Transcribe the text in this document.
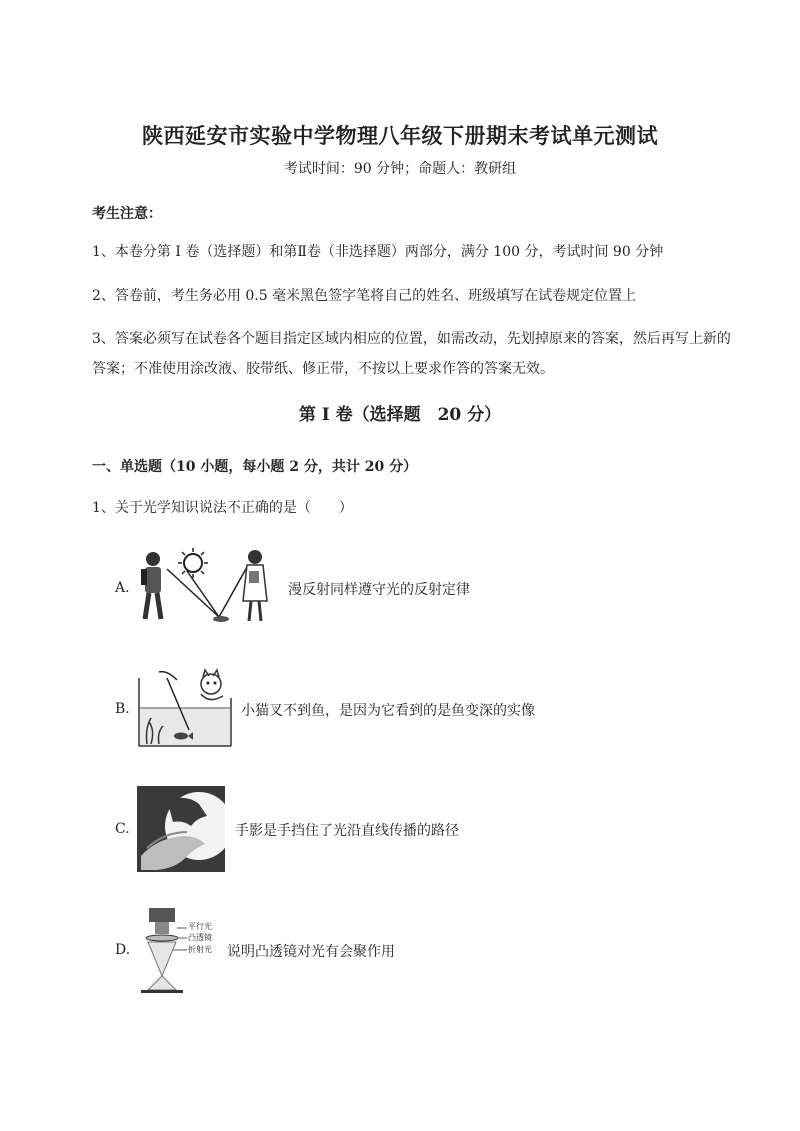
陕西延安市实验中学物理八年级下册期末考试单元测试
考试时间：90 分钟；命题人：教研组
考生注意：
1、本卷分第 I 卷（选择题）和第Ⅱ卷（非选择题）两部分，满分 100 分，考试时间 90 分钟
2、答卷前，考生务必用 0.5 毫米黑色签字笔将自己的姓名、班级填写在试卷规定位置上
3、答案必须写在试卷各个题目指定区域内相应的位置，如需改动，先划掉原来的答案，然后再写上新的答案；不准使用涂改液、胶带纸、修正带，不按以上要求作答的答案无效。
第 I 卷（选择题　20 分）
一、单选题（10 小题，每小题 2 分，共计 20 分）
1、关于光学知识说法不正确的是（　　）
A.	漫反射同样遵守光的反射定律
B.	小猫叉不到鱼，是因为它看到的是鱼变深的实像
C.	手影是手挡住了光沿直线传播的路径
D.
平行光
凸透镜
折射光 说明凸透镜对光有会聚作用
